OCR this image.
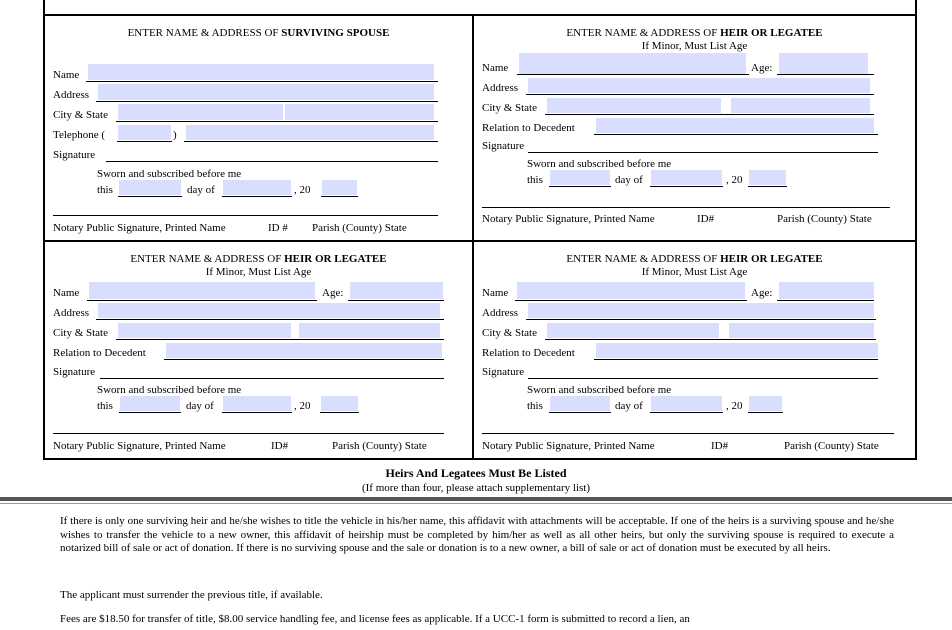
ENTER NAME & ADDRESS OF SURVIVING SPOUSE
Name
Address
City & State
Telephone (	)
Signature
Sworn and subscribed before me
this	day of	, 20
Notary Public Signature, Printed Name	ID # Parish (County) State
ENTER NAME & ADDRESS OF HEIR OR LEGATEE
If Minor, Must List Age
Name	Age:
Address
City & State
Relation to Decedent
Signature
Sworn and subscribed before me
this	day of	, 20
Notary Public Signature, Printed Name	ID#	Parish (County) State
ENTER NAME & ADDRESS OF HEIR OR LEGATEE
If Minor, Must List Age
Name	Age:
Address
City & State
Relation to Decedent
Signature
Sworn and subscribed before me
this	day of	, 20
Notary Public Signature, Printed Name	ID#	Parish (County) State
ENTER NAME & ADDRESS OF HEIR OR LEGATEE
If Minor, Must List Age
Name	Age:
Address
City & State
Relation to Decedent
Signature
Sworn and subscribed before me
this	day of	, 20
Notary Public Signature, Printed Name	ID#	Parish (County) State
Heirs And Legatees Must Be Listed
(If more than four, please attach supplementary list)
If there is only one surviving heir and he/she wishes to title the vehicle in his/her name, this affidavit with attachments will be acceptable. If one of the heirs is a surviving spouse and he/she wishes to transfer the vehicle to a new owner, this affidavit of heirship must be completed by him/her as well as all other heirs, but only the surviving spouse is required to execute a notarized bill of sale or act of donation. If there is no surviving spouse and the sale or donation is to a new owner, a bill of sale or act of donation must be executed by all heirs.
The applicant must surrender the previous title, if available.
Fees are $18.50 for transfer of title, $8.00 service handling fee, and license fees as applicable. If a UCC-1 form is submitted to record a lien, an
